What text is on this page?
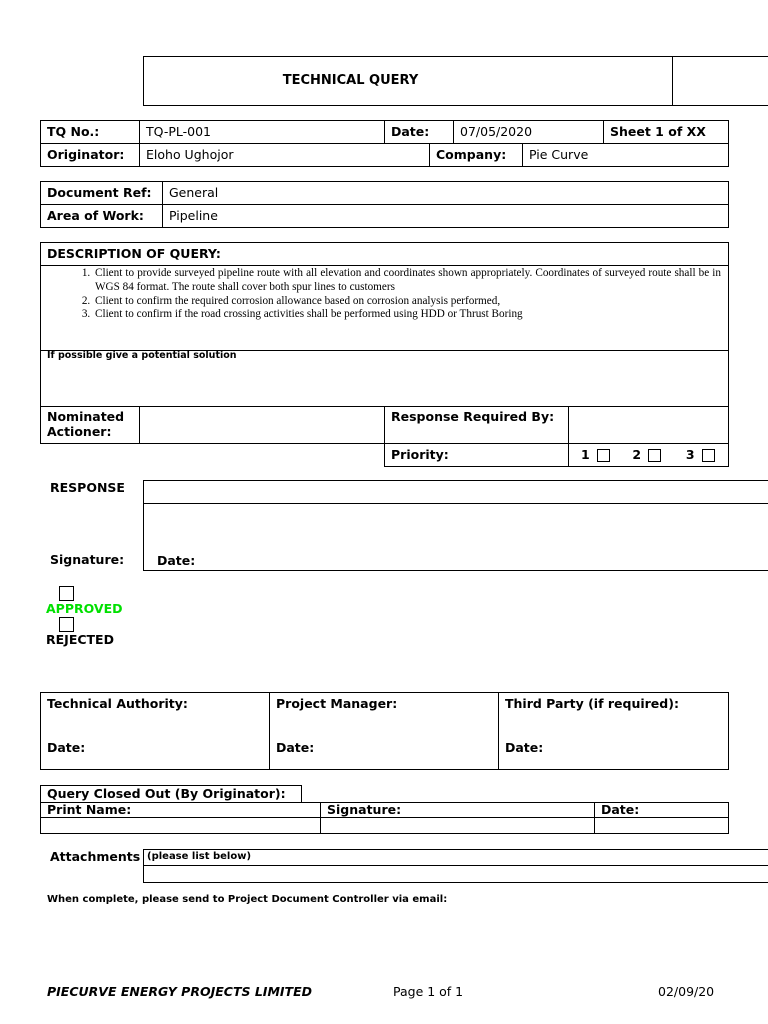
TECHNICAL QUERY
TQ No.:	TQ-PL-001	Date:	07/05/2020	Sheet 1 of XX
Originator:	Eloho Ughojor	Company:	Pie Curve
Document Ref:	General
Area of Work:	Pipeline
DESCRIPTION OF QUERY:
1. Client to provide surveyed pipeline route with all elevation and coordinates shown appropriately. Coordinates of surveyed route shall be in WGS 84 format. The route shall cover both spur lines to customers
2. Client to confirm the required corrosion allowance based on corrosion analysis performed,
3. Client to confirm if the road crossing activities shall be performed using HDD or Thrust Boring
If possible give a potential solution
Nominated Actioner:
Response Required By:
Priority:	1	2	3
RESPONSE
Date:
Signature:
APPROVED
REJECTED
Technical Authority:
Date:
Project Manager:
Date:
Third Party (if required):
Date:
Query Closed Out (By Originator):
Print Name:	Signature:	Date:
Attachments (please list below)
When complete, please send to Project Document Controller via email:
PIECURVE ENERGY PROJECTS LIMITED	Page 1 of 1	02/09/20
